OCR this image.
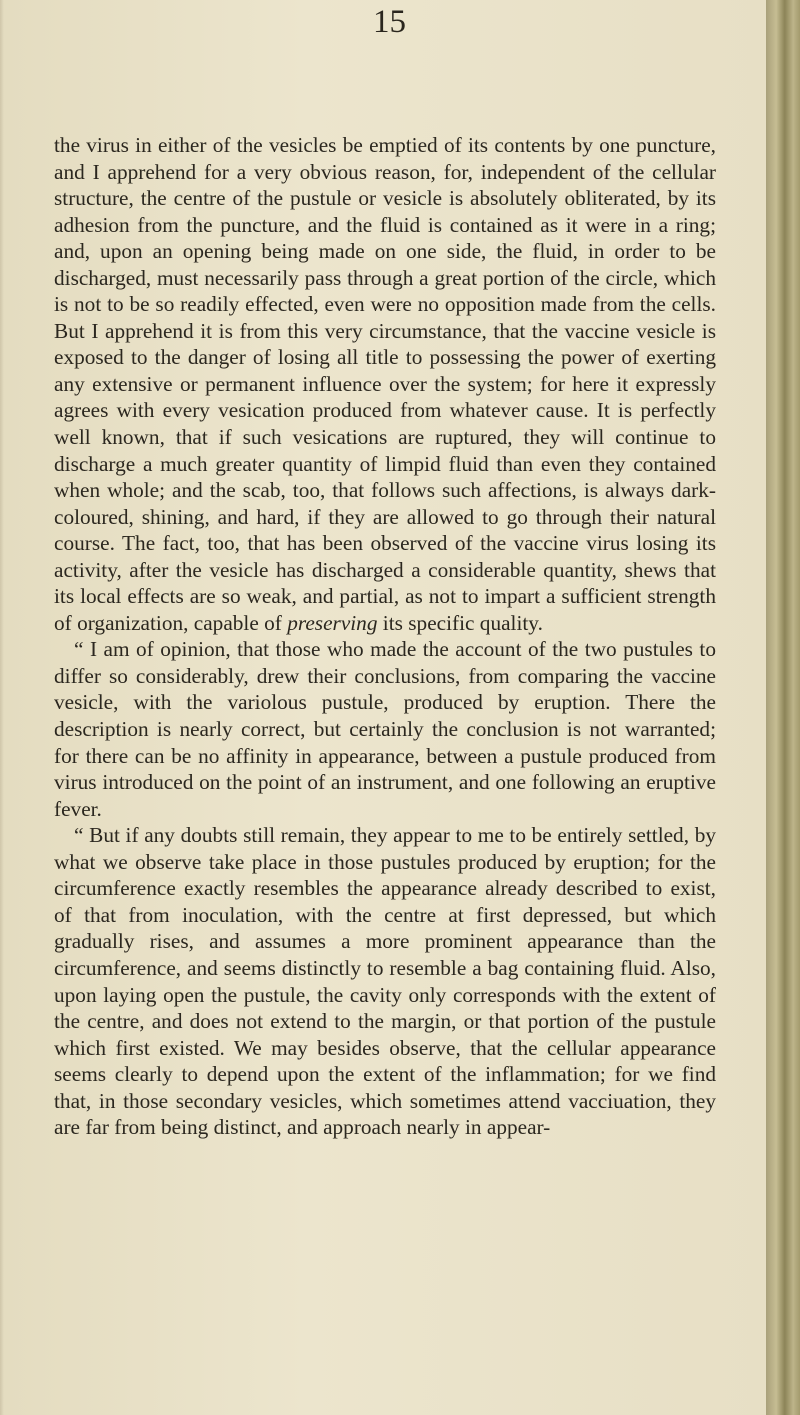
15

the virus in either of the vesicles be emptied of its contents by one puncture, and I apprehend for a very obvious reason, for, independent of the cellular structure, the centre of the pustule or vesicle is absolutely obliterated, by its adhesion from the puncture, and the fluid is contained as it were in a ring; and, upon an opening being made on one side, the fluid, in order to be discharged, must necessarily pass through a great portion of the circle, which is not to be so readily effected, even were no opposition made from the cells. But I apprehend it is from this very circumstance, that the vaccine vesicle is exposed to the danger of losing all title to possessing the power of exerting any extensive or permanent influence over the system; for here it expressly agrees with every vesication produced from whatever cause. It is perfectly well known, that if such vesications are ruptured, they will continue to discharge a much greater quantity of limpid fluid than even they contained when whole; and the scab, too, that follows such affections, is always dark-coloured, shining, and hard, if they are allowed to go through their natural course. The fact, too, that has been observed of the vaccine virus losing its activity, after the vesicle has discharged a considerable quantity, shews that its local effects are so weak, and partial, as not to impart a sufficient strength of organization, capable of preserving its specific quality.

“ I am of opinion, that those who made the account of the two pustules to differ so considerably, drew their conclusions, from comparing the vaccine vesicle, with the variolous pustule, produced by eruption. There the description is nearly correct, but certainly the conclusion is not warranted; for there can be no affinity in appearance, between a pustule produced from virus introduced on the point of an instrument, and one following an eruptive fever.

“ But if any doubts still remain, they appear to me to be entirely settled, by what we observe take place in those pustules produced by eruption; for the circumference exactly resembles the appearance already described to exist, of that from inoculation, with the centre at first depressed, but which gradually rises, and assumes a more prominent appearance than the circumference, and seems distinctly to resemble a bag containing fluid. Also, upon laying open the pustule, the cavity only corresponds with the extent of the centre, and does not extend to the margin, or that portion of the pustule which first existed. We may besides observe, that the cellular appearance seems clearly to depend upon the extent of the inflammation; for we find that, in those secondary vesicles, which sometimes attend vacciuation, they are far from being distinct, and approach nearly in appear-
